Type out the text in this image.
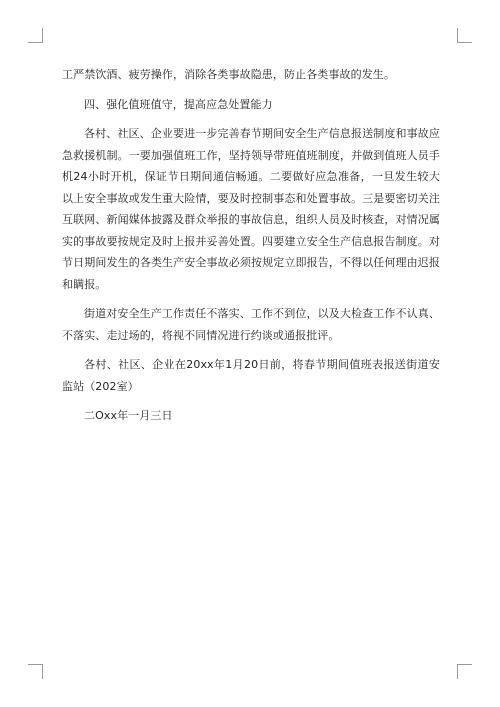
工严禁饮酒、疲劳操作，消除各类事故隐患，防止各类事故的发生。

四、强化值班值守，提高应急处置能力

各村、社区、企业要进一步完善春节期间安全生产信息报送制度和事故应急救援机制。一要加强值班工作，坚持领导带班值班制度，并做到值班人员手机24小时开机，保证节日期间通信畅通。二要做好应急准备，一旦发生较大以上安全事故或发生重大险情，要及时控制事态和处置事故。三是要密切关注互联网、新闻媒体披露及群众举报的事故信息，组织人员及时核查，对情况属实的事故要按规定及时上报并妥善处置。四要建立安全生产信息报告制度。对节日期间发生的各类生产安全事故必须按规定立即报告，不得以任何理由迟报和瞒报。

街道对安全生产工作责任不落实、工作不到位，以及大检查工作不认真、不落实、走过场的，将视不同情况进行约谈或通报批评。

各村、社区、企业在20xx年1月20日前，将春节期间值班表报送街道安监站（202室）

二Oxx年一月三日
